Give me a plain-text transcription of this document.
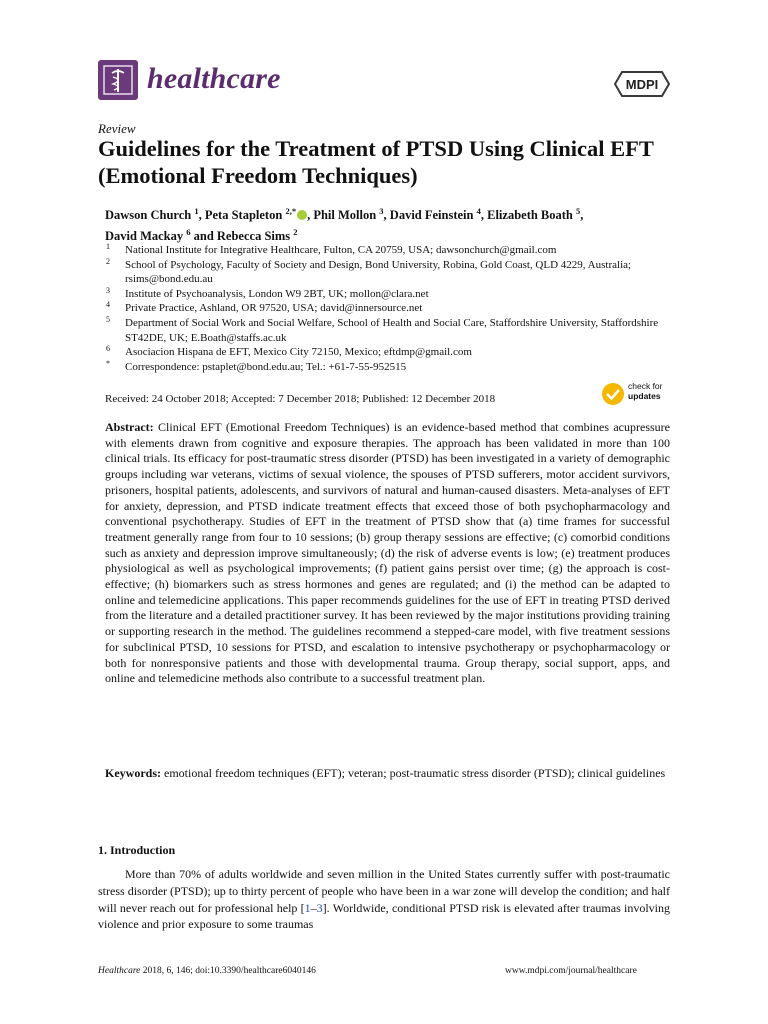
healthcare	MDPI
Review
Guidelines for the Treatment of PTSD Using Clinical EFT (Emotional Freedom Techniques)
Dawson Church $^1$, Peta Stapleton $^{2,*}$ , Phil Mollon $^3$, David Feinstein $^4$, Elizabeth Boath $^5$,
David Mackay $^6$ and Rebecca Sims $^2$
1 National Institute for Integrative Healthcare, Fulton, CA 20759, USA; dawsonchurch@gmail.com
2 School of Psychology, Faculty of Society and Design, Bond University, Robina, Gold Coast, QLD 4229, Australia; rsims@bond.edu.au
3 Institute of Psychoanalysis, London W9 2BT, UK; mollon@clara.net
4 Private Practice, Ashland, OR 97520, USA; david@innersource.net
5 Department of Social Work and Social Welfare, School of Health and Social Care, Staffordshire University, Staffordshire ST42DE, UK; E.Boath@staffs.ac.uk
6 Asociacion Hispana de EFT, Mexico City 72150, Mexico; eftdmp@gmail.com
* Correspondence: pstaplet@bond.edu.au; Tel.: +61-7-55-952515
Received: 24 October 2018; Accepted: 7 December 2018; Published: 12 December 2018
check for
updates
Abstract: Clinical EFT (Emotional Freedom Techniques) is an evidence-based method that combines acupressure with elements drawn from cognitive and exposure therapies. The approach has been validated in more than 100 clinical trials. Its efficacy for post-traumatic stress disorder (PTSD) has been investigated in a variety of demographic groups including war veterans, victims of sexual violence, the spouses of PTSD sufferers, motor accident survivors, prisoners, hospital patients, adolescents, and survivors of natural and human-caused disasters. Meta-analyses of EFT for anxiety, depression, and PTSD indicate treatment effects that exceed those of both psychopharmacology and conventional psychotherapy. Studies of EFT in the treatment of PTSD show that (a) time frames for successful treatment generally range from four to 10 sessions; (b) group therapy sessions are effective; (c) comorbid conditions such as anxiety and depression improve simultaneously; (d) the risk of adverse events is low; (e) treatment produces physiological as well as psychological improvements; (f) patient gains persist over time; (g) the approach is cost-effective; (h) biomarkers such as stress hormones and genes are regulated; and (i) the method can be adapted to online and telemedicine applications. This paper recommends guidelines for the use of EFT in treating PTSD derived from the literature and a detailed practitioner survey. It has been reviewed by the major institutions providing training or supporting research in the method. The guidelines recommend a stepped-care model, with five treatment sessions for subclinical PTSD, 10 sessions for PTSD, and escalation to intensive psychotherapy or psychopharmacology or both for nonresponsive patients and those with developmental trauma. Group therapy, social support, apps, and online and telemedicine methods also contribute to a successful treatment plan.
Keywords: emotional freedom techniques (EFT); veteran; post-traumatic stress disorder (PTSD); clinical guidelines
1. Introduction
More than 70% of adults worldwide and seven million in the United States currently suffer with post-traumatic stress disorder (PTSD); up to thirty percent of people who have been in a war zone will develop the condition; and half will never reach out for professional help [1–3]. Worldwide, conditional PTSD risk is elevated after traumas involving violence and prior exposure to some traumas
Healthcare 2018, 6, 146; doi:10.3390/healthcare6040146	www.mdpi.com/journal/healthcare
